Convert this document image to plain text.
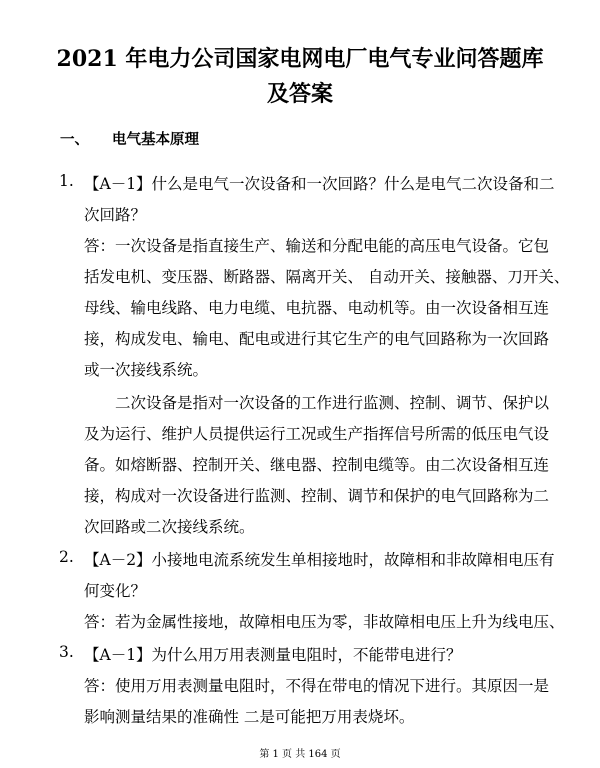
2021 年电力公司国家电网电厂电气专业问答题库
及答案
一、 电气基本原理
1. 【A－1】什么是电气一次设备和一次回路？什么是电气二次设备和二

次回路？

答：一次设备是指直接生产、输送和分配电能的高压电气设备。它包

括发电机、变压器、断路器、隔离开关、 自动开关、接触器、刀开关、

母线、输电线路、电力电缆、电抗器、电动机等。由一次设备相互连

接，构成发电、输电、配电或进行其它生产的电气回路称为一次回路

或一次接线系统。

　　二次设备是指对一次设备的工作进行监测、控制、调节、保护以

及为运行、维护人员提供运行工况或生产指挥信号所需的低压电气设

备。如熔断器、控制开关、继电器、控制电缆等。由二次设备相互连

接，构成对一次设备进行监测、控制、调节和保护的电气回路称为二

次回路或二次接线系统。

2. 【A－2】小接地电流系统发生单相接地时，故障相和非故障相电压有

何变化？

答：若为金属性接地，故障相电压为零，非故障相电压上升为线电压、

3. 【A－1】为什么用万用表测量电阻时，不能带电进行？

答：使用万用表测量电阻时，不得在带电的情况下进行。其原因一是

影响测量结果的准确性 二是可能把万用表烧坏。

第 1 页 共 164 页
